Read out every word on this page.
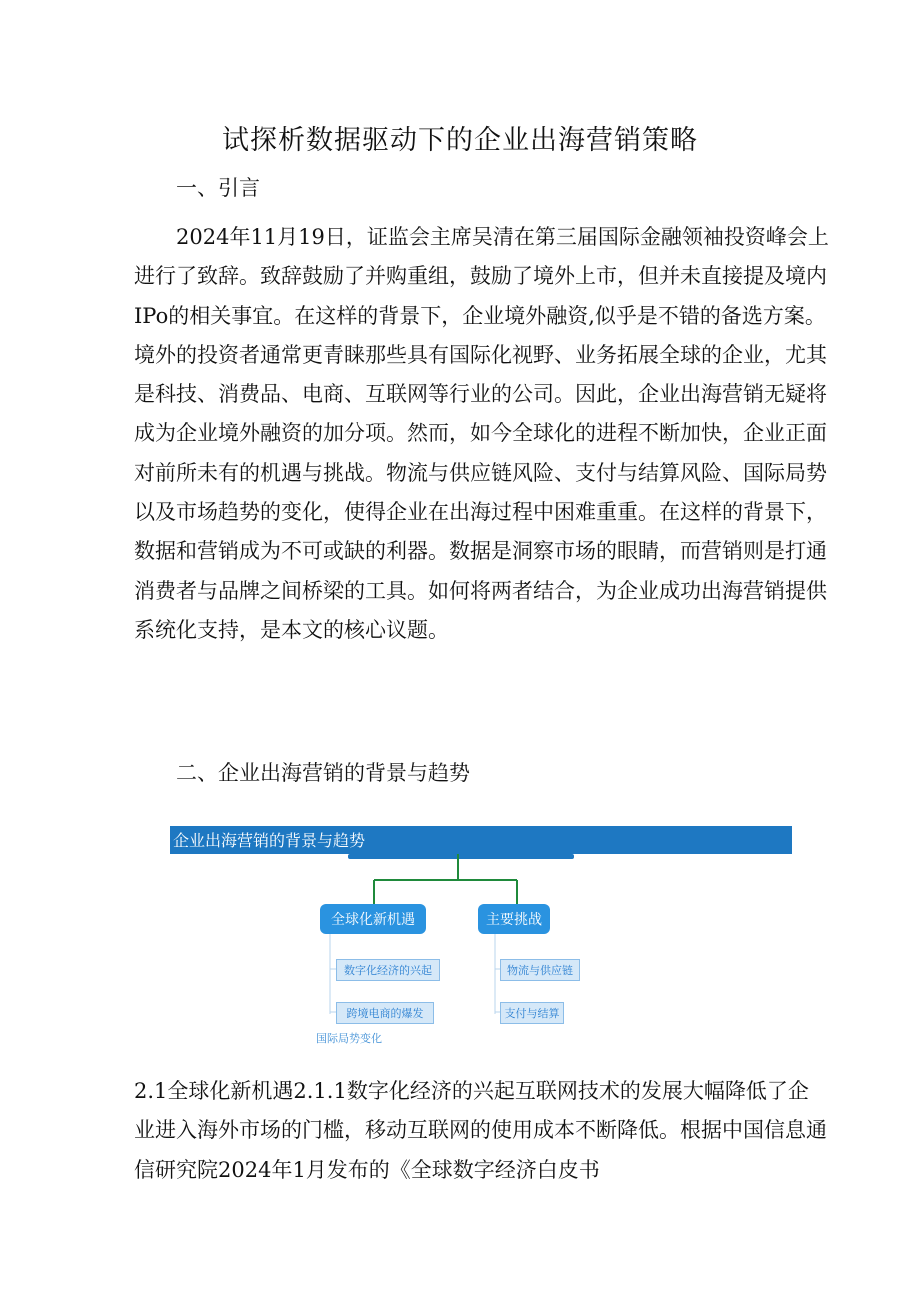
试探析数据驱动下的企业出海营销策略
一、引言

2024年11月19日，证监会主席吴清在第三届国际金融领袖投资峰会上
进行了致辞。致辞鼓励了并购重组，鼓励了境外上市，但并未直接提及境内
IPo的相关事宜。在这样的背景下，企业境外融资,似乎是不错的备选方案。
境外的投资者通常更青睐那些具有国际化视野、业务拓展全球的企业，尤其
是科技、消费品、电商、互联网等行业的公司。因此，企业出海营销无疑将
成为企业境外融资的加分项。然而，如今全球化的进程不断加快，企业正面
对前所未有的机遇与挑战。物流与供应链风险、支付与结算风险、国际局势
以及市场趋势的变化，使得企业在出海过程中困难重重。在这样的背景下，
数据和营销成为不可或缺的利器。数据是洞察市场的眼睛，而营销则是打通
消费者与品牌之间桥梁的工具。如何将两者结合，为企业成功出海营销提供
系统化支持，是本文的核心议题。

二、企业出海营销的背景与趋势
企业出海营销的背景与趋势
全球化新机遇	主要挑战
数字化经济的兴起
跨境电商的爆发
物流与供应链
支付与结算
国际局势变化

2.1全球化新机遇2.1.1数字化经济的兴起互联网技术的发展大幅降低了企
业进入海外市场的门槛，移动互联网的使用成本不断降低。根据中国信息通
信研究院2024年1月发布的《全球数字经济白皮书
